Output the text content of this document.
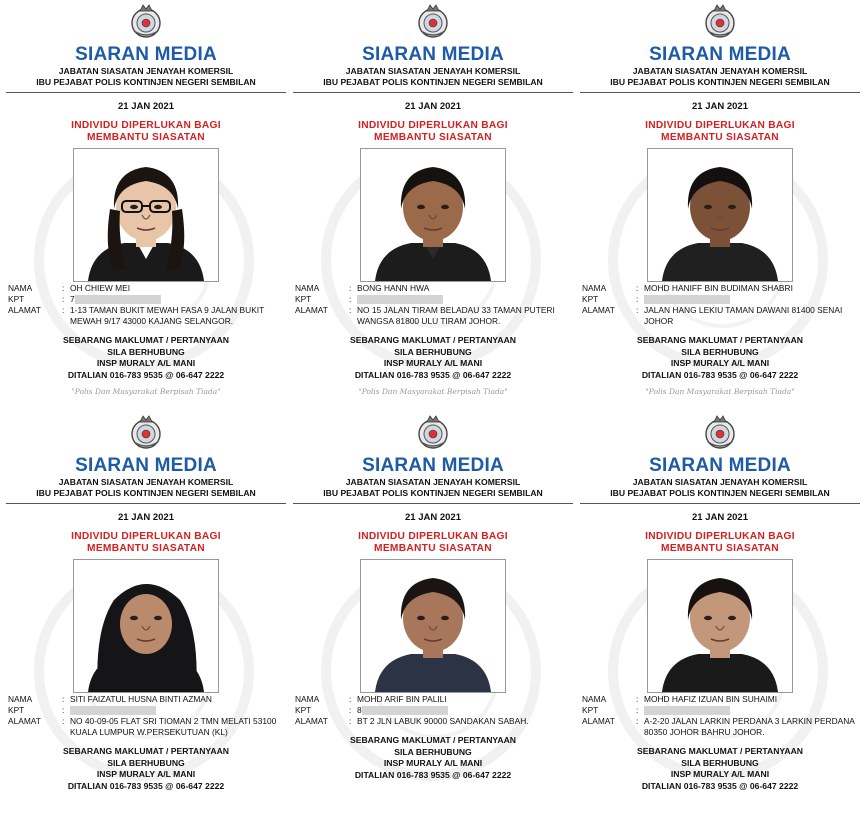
SIARAN MEDIA
JABATAN SIASATAN JENAYAH KOMERSIL
IBU PEJABAT POLIS KONTINJEN NEGERI SEMBILAN
21 JAN 2021
INDIVIDU DIPERLUKAN BAGI
MEMBANTU SIASATAN
NAMA	: OH CHIEW MEI
KPT	: 7
ALAMAT	: 1-13 TAMAN BUKIT MEWAH FASA 9 JALAN BUKIT MEWAH 9/17 43000 KAJANG SELANGOR.
SEBARANG MAKLUMAT / PERTANYAAN
SILA BERHUBUNG
INSP MURALY A/L MANI
DITALIAN 016-783 9535 @ 06-647 2222
"Polis Dan Masyarakat Berpisah Tiada"
SIARAN MEDIA
JABATAN SIASATAN JENAYAH KOMERSIL
IBU PEJABAT POLIS KONTINJEN NEGERI SEMBILAN
21 JAN 2021
INDIVIDU DIPERLUKAN BAGI
MEMBANTU SIASATAN
NAMA	: BONG HANN HWA
KPT	:
ALAMAT	: NO 15 JALAN TIRAM BELADAU 33 TAMAN PUTERI WANGSA 81800 ULU TIRAM JOHOR.
SEBARANG MAKLUMAT / PERTANYAAN
SILA BERHUBUNG
INSP MURALY A/L MANI
DITALIAN 016-783 9535 @ 06-647 2222
"Polis Dan Masyarakat Berpisah Tiada"
SIARAN MEDIA
JABATAN SIASATAN JENAYAH KOMERSIL
IBU PEJABAT POLIS KONTINJEN NEGERI SEMBILAN
21 JAN 2021
INDIVIDU DIPERLUKAN BAGI
MEMBANTU SIASATAN
NAMA	: MOHD HANIFF BIN BUDIMAN SHABRI
KPT	:
ALAMAT	: JALAN HANG LEKIU TAMAN DAWANI 81400 SENAI JOHOR
SEBARANG MAKLUMAT / PERTANYAAN
SILA BERHUBUNG
INSP MURALY A/L MANI
DITALIAN 016-783 9535 @ 06-647 2222
"Polis Dan Masyarakat Berpisah Tiada"
SIARAN MEDIA
JABATAN SIASATAN JENAYAH KOMERSIL
IBU PEJABAT POLIS KONTINJEN NEGERI SEMBILAN
21 JAN 2021
INDIVIDU DIPERLUKAN BAGI
MEMBANTU SIASATAN
NAMA	: SITI FAIZATUL HUSNA BINTI AZMAN
KPT	:
ALAMAT	: NO 40-09-05 FLAT SRI TIOMAN 2 TMN MELATI 53100 KUALA LUMPUR W.PERSEKUTUAN (KL)
SEBARANG MAKLUMAT / PERTANYAAN
SILA BERHUBUNG
INSP MURALY A/L MANI
DITALIAN 016-783 9535 @ 06-647 2222
SIARAN MEDIA
JABATAN SIASATAN JENAYAH KOMERSIL
IBU PEJABAT POLIS KONTINJEN NEGERI SEMBILAN
21 JAN 2021
INDIVIDU DIPERLUKAN BAGI
MEMBANTU SIASATAN
NAMA	: MOHD ARIF BIN PALILI
KPT	: 8
ALAMAT	: BT 2 JLN LABUK 90000 SANDAKAN SABAH.
SEBARANG MAKLUMAT / PERTANYAAN
SILA BERHUBUNG
INSP MURALY A/L MANI
DITALIAN 016-783 9535 @ 06-647 2222
SIARAN MEDIA
JABATAN SIASATAN JENAYAH KOMERSIL
IBU PEJABAT POLIS KONTINJEN NEGERI SEMBILAN
21 JAN 2021
INDIVIDU DIPERLUKAN BAGI
MEMBANTU SIASATAN
NAMA	: MOHD HAFIZ IZUAN BIN SUHAIMI
KPT	:
ALAMAT	: A-2-20 JALAN LARKIN PERDANA 3 LARKIN PERDANA 80350 JOHOR BAHRU JOHOR.
SEBARANG MAKLUMAT / PERTANYAAN
SILA BERHUBUNG
INSP MURALY A/L MANI
DITALIAN 016-783 9535 @ 06-647 2222
